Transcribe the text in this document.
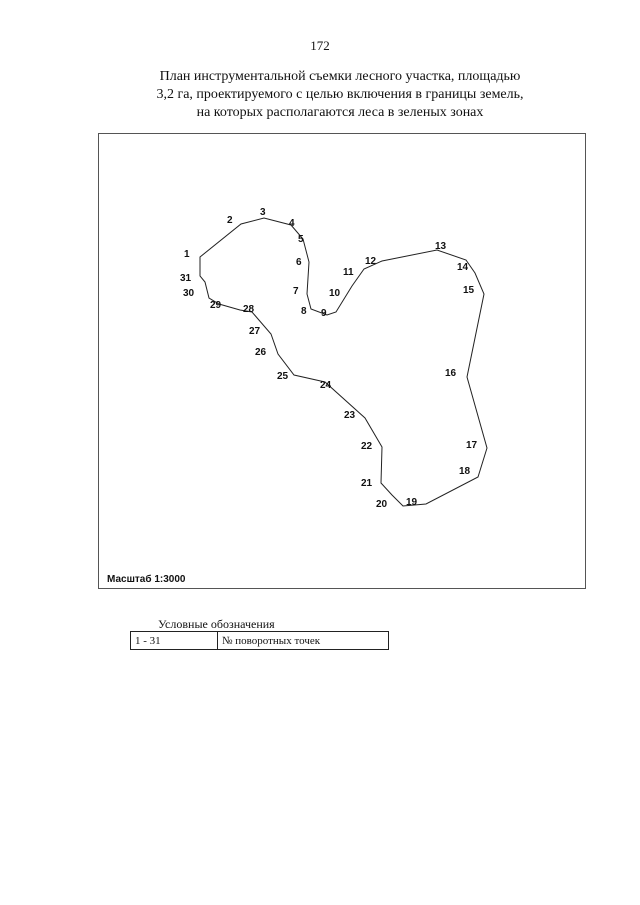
172
План инструментальной съемки лесного участка, площадью
3,2 га, проектируемого с целью включения в границы земель,
на которых располагаются леса в зеленых зонах
1
2
3
4
5
6
7
8 9
10
11
12
13
14
15
16
17
18
19
20
21
22
23
24
25
26
27
28
29
30
31
Масштаб 1:3000
Условные обозначения
1 - 31	№ поворотных точек
